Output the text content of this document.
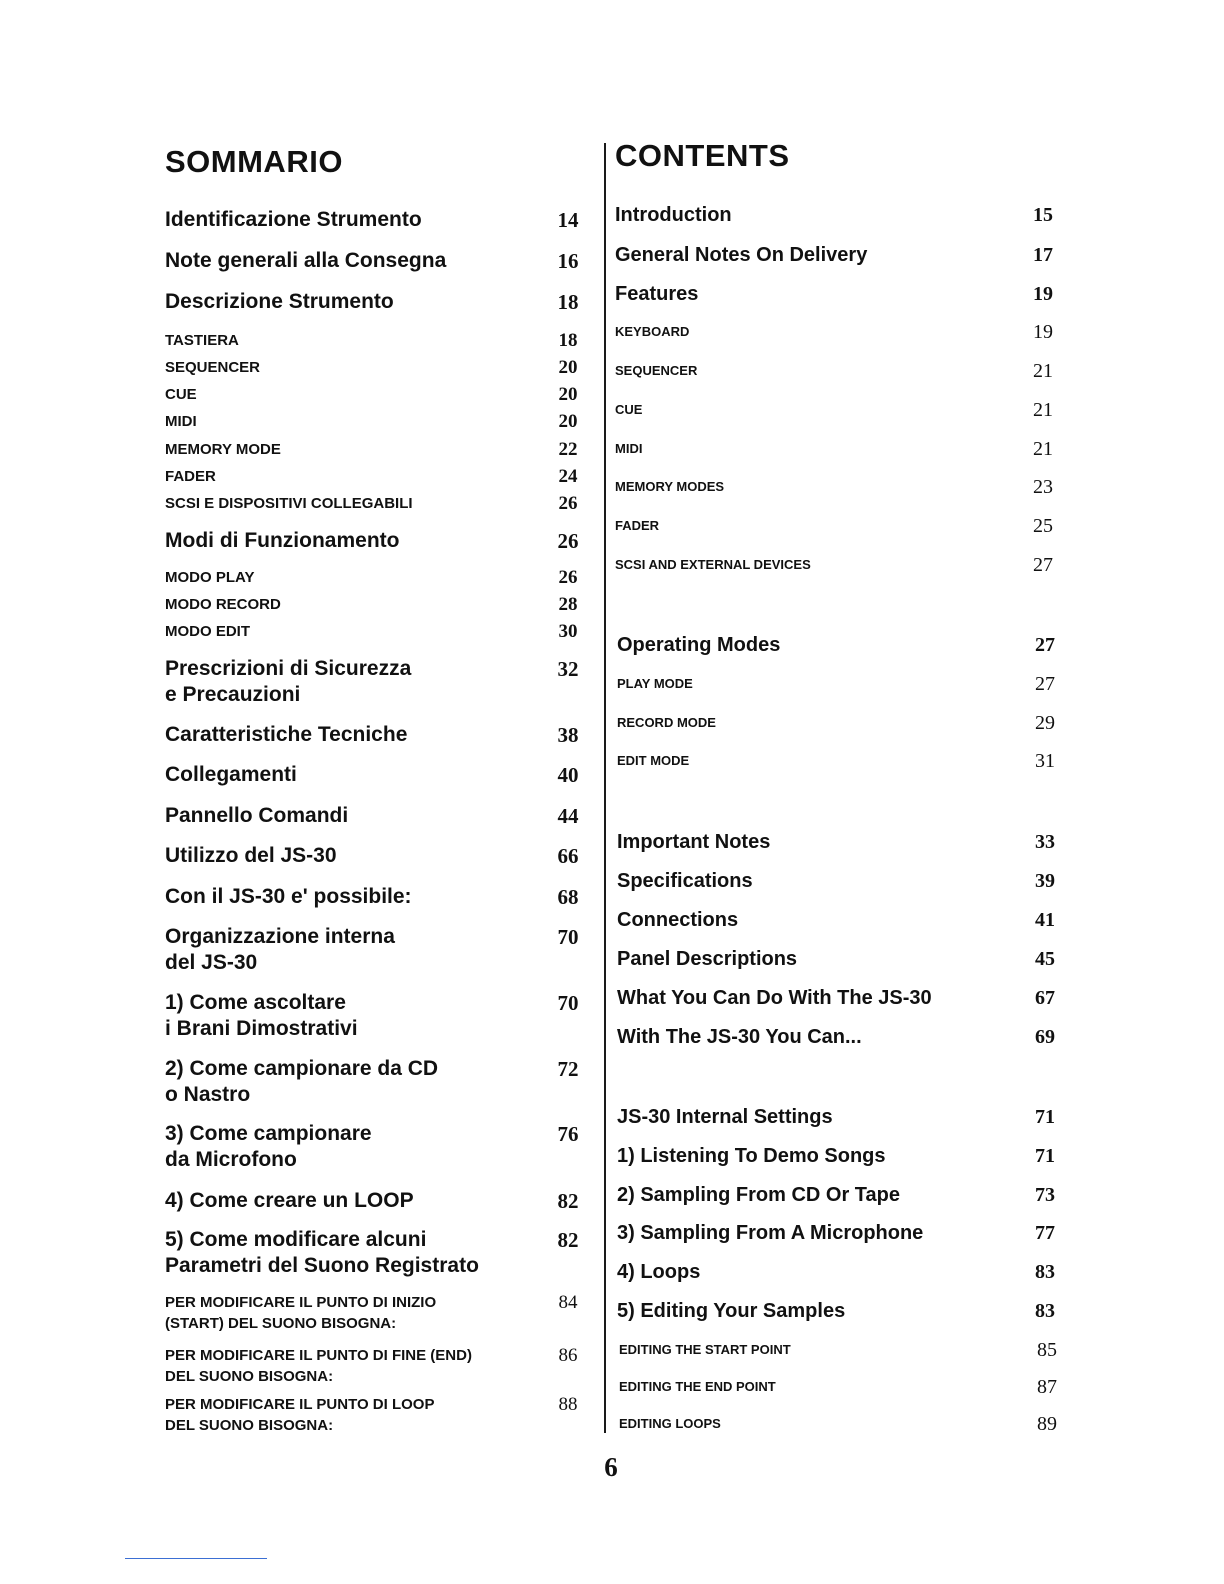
SOMMARIO	CONTENTS
Identificazione Strumento	14
Note generali alla Consegna	16
Descrizione Strumento	18
TASTIERA	18
SEQUENCER	20
CUE	20
MIDI	20
MEMORY MODE	22
FADER	24
SCSI E DISPOSITIVI COLLEGABILI	26
Modi di Funzionamento	26
MODO PLAY	26
MODO RECORD	28
MODO EDIT	30
Prescrizioni di Sicurezza
e Precauzioni
32
Caratteristiche Tecniche	38
Collegamenti	40
Pannello Comandi	44
Utilizzo del JS-30	66
Con il JS-30 e' possibile:	68
Organizzazione interna
del JS-30
70
1) Come ascoltare
i Brani Dimostrativi
70
2) Come campionare da CD
o Nastro
72
3) Come campionare
da Microfono
76
4) Come creare un LOOP	82
5) Come modificare alcuni
Parametri del Suono Registrato
82
PER MODIFICARE IL PUNTO DI INIZIO
(START) DEL SUONO BISOGNA:
84
PER MODIFICARE IL PUNTO DI FINE (END)
DEL SUONO BISOGNA:
86
PER MODIFICARE IL PUNTO DI LOOP
DEL SUONO BISOGNA:
88
Introduction	15
General Notes On Delivery	17
Features	19
KEYBOARD	19
SEQUENCER	21
CUE	21
MIDI	21
MEMORY MODES	23
FADER	25
SCSI AND EXTERNAL DEVICES	27
Operating Modes	27
PLAY MODE	27
RECORD MODE	29
EDIT MODE	31
Important Notes	33
Specifications	39
Connections	41
Panel Descriptions	45
What You Can Do With The JS-30	67
With The JS-30 You Can...	69
JS-30 Internal Settings	71
1) Listening To Demo Songs	71
2) Sampling From CD Or Tape	73
3) Sampling From A Microphone	77
4) Loops	83
5) Editing Your Samples	83
EDITING THE START POINT	85
EDITING THE END POINT	87
EDITING LOOPS	89
6
